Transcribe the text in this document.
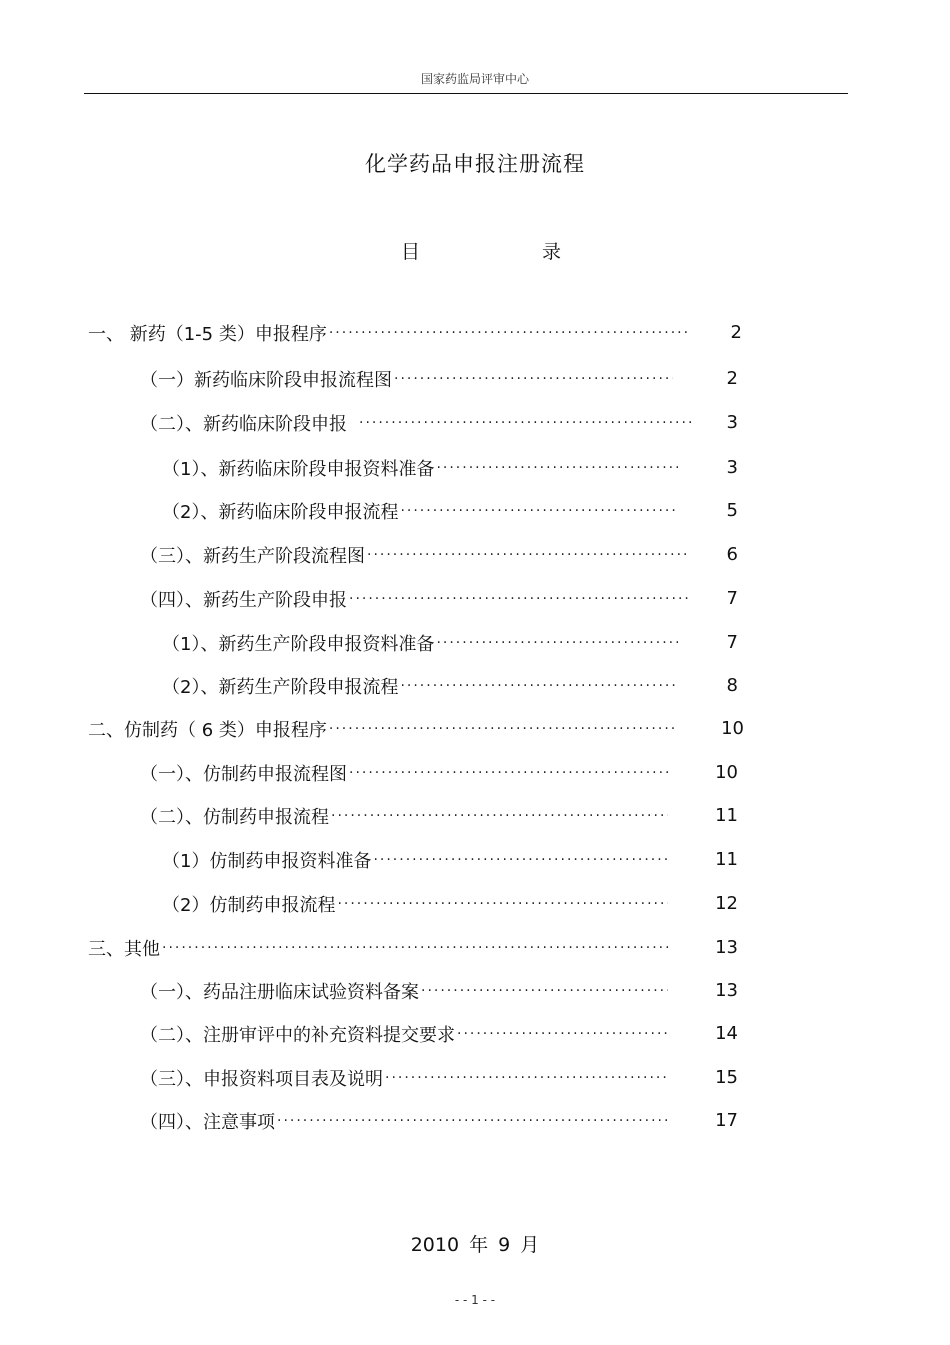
国家药监局评审中心
化学药品申报注册流程
目	录
一、 新药（1-5 类）申报程序 ·····	2
（一）新药临床阶段申报流程图 ·····	2
（二）、新药临床阶段申报 ·····	3
（1）、新药临床阶段申报资料准备 ·····	3
（2）、新药临床阶段申报流程 ·····	5
（三）、新药生产阶段流程图 ·····	6
（四）、新药生产阶段申报 ·····	7
（1）、新药生产阶段申报资料准备 ·····	7
（2）、新药生产阶段申报流程 ·····	8
二、仿制药（ 6 类）申报程序 ·····	10
（一）、仿制药申报流程图 ·····	10
（二）、仿制药申报流程 ·····	11
（1）仿制药申报资料准备 ·····	11
（2）仿制药申报流程 ·····	12
三、其他 ·····	13
（一）、药品注册临床试验资料备案 ·····	13
（二）、注册审评中的补充资料提交要求 ·····	14
（三）、申报资料项目表及说明 ·····	15
（四）、注意事项 ·····	17
2010 年 9 月
- - 1 - -
